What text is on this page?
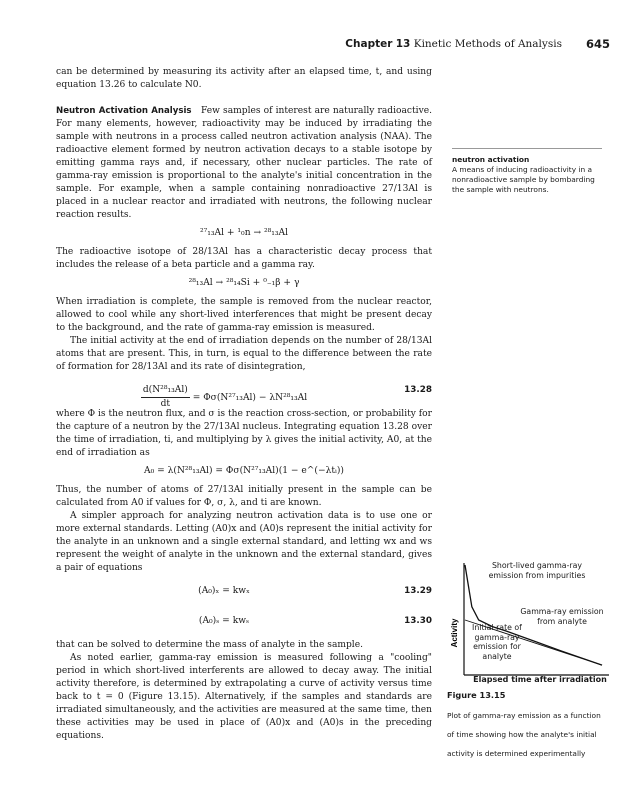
Chapter 13 Kinetic Methods of Analysis 645

can be determined by measuring its activity after an elapsed time, t, and using equation 13.26 to calculate N0.

Neutron Activation Analysis Few samples of interest are naturally radioactive. For many elements, however, radioactivity may be induced by irradiating the sample with neutrons in a process called neutron activation analysis (NAA). The radioactive element formed by neutron activation decays to a stable isotope by emitting gamma rays and, if necessary, other nuclear particles. The rate of gamma-ray emission is proportional to the analyte's initial concentration in the sample. For example, when a sample containing nonradioactive 27/13Al is placed in a nuclear reactor and irradiated with neutrons, the following nuclear reaction results.

²⁷₁₃Al + ¹₀n → ²⁸₁₃Al

The radioactive isotope of 28/13Al has a characteristic decay process that includes the release of a beta particle and a gamma ray.

²⁸₁₃Al → ²⁸₁₄Si + ⁰₋₁β + γ

When irradiation is complete, the sample is removed from the nuclear reactor, allowed to cool while any short-lived interferences that might be present decay to the background, and the rate of gamma-ray emission is measured.

The initial activity at the end of irradiation depends on the number of 28/13Al atoms that are present. This, in turn, is equal to the difference between the rate of formation for 28/13Al and its rate of disintegration,

$\frac{\text{d(N²⁸₁₃Al)}}{dt} = \Phi\sigma(N^{27}_{13}Al) - \lambda N^{28}_{13}Al$
13.28

where Φ is the neutron flux, and σ is the reaction cross-section, or probability for the capture of a neutron by the 27/13Al nucleus. Integrating equation 13.28 over the time of irradiation, ti, and multiplying by λ gives the initial activity, A0, at the end of irradiation as

A₀ = λ(N²⁸₁₃Al) = Φσ(N²⁷₁₃Al)(1 − e^(−λtᵢ))

Thus, the number of atoms of 27/13Al initially present in the sample can be calculated from A0 if values for Φ, σ, λ, and ti are known.

A simpler approach for analyzing neutron activation data is to use one or more external standards. Letting (A0)x and (A0)s represent the initial activity for the analyte in an unknown and a single external standard, and letting wx and ws represent the weight of analyte in the unknown and the external standard, gives a pair of equations

(A₀)ₓ = kwₓ	13.29
(A₀)ₛ = kwₛ	13.30

that can be solved to determine the mass of analyte in the sample.

As noted earlier, gamma-ray emission is measured following a "cooling" period in which short-lived interferents are allowed to decay away. The initial activity therefore, is determined by extrapolating a curve of activity versus time back to t = 0 (Figure 13.15). Alternatively, if the samples and standards are irradiated simultaneously, and the activities are measured at the same time, then these activities may be used in place of (A0)x and (A0)s in the preceding equations.

neutron activation
A means of inducing radioactivity in a nonradioactive sample by bombarding the sample with neutrons.
Activity
Short-lived gamma-ray emission from impurities
Gamma-ray emission from analyte
Initial rate of gamma-ray emission for analyte
Elapsed time after irradiation
Figure 13.15
Plot of gamma-ray emission as a function of time showing how the analyte's initial activity is determined experimentally
